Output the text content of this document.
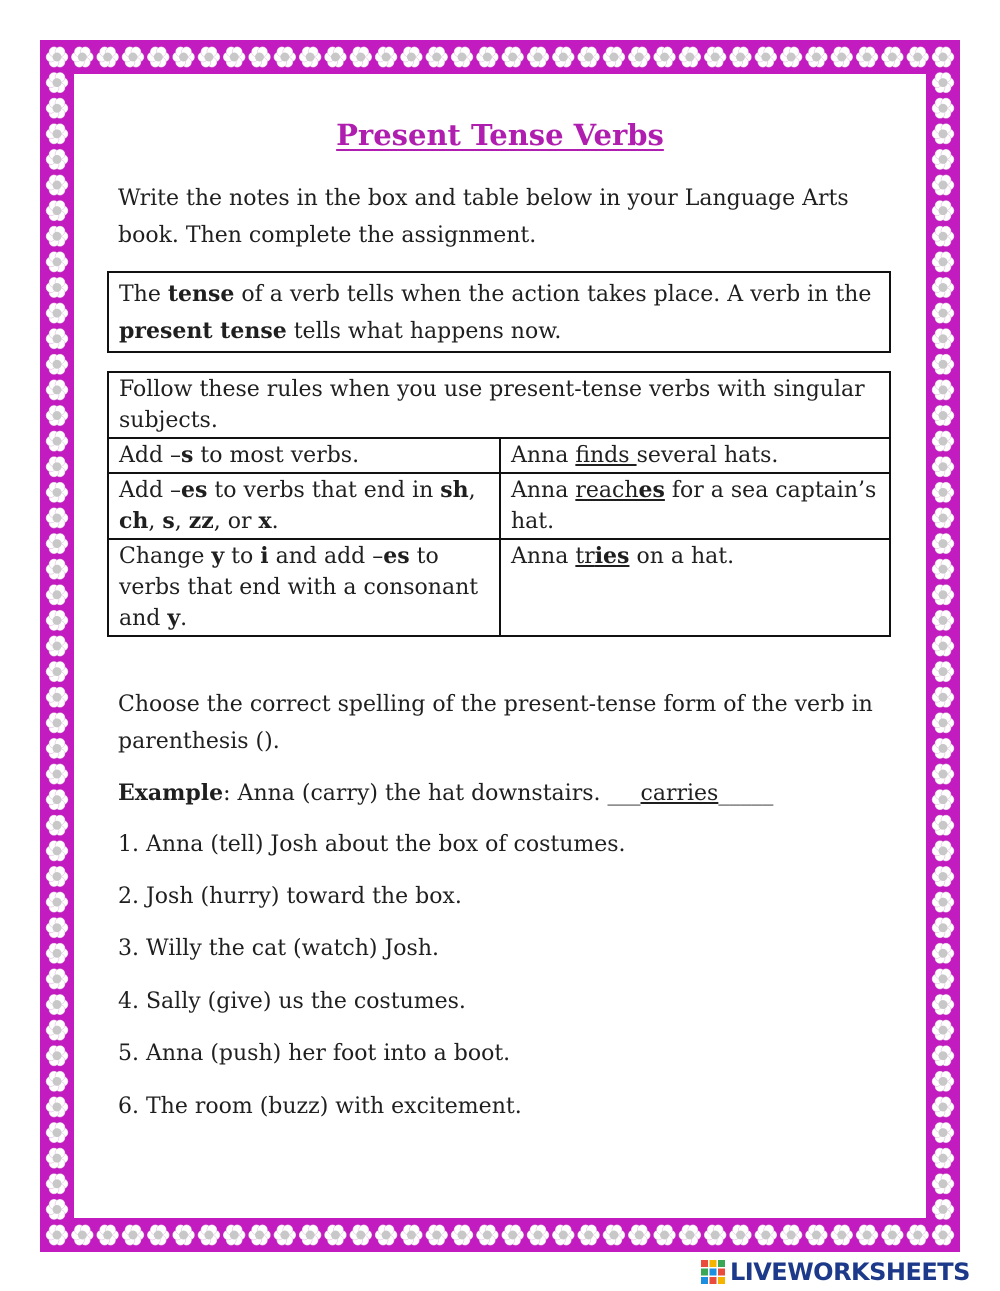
Present Tense Verbs
Write the notes in the box and table below in your Language Arts book. Then complete the assignment.
The tense of a verb tells when the action takes place. A verb in the present tense tells what happens now.
Follow these rules when you use present-tense verbs with singular subjects.	
Add –s to most verbs.	Anna finds several hats.
Add –es to verbs that end in sh, ch, s, zz, or x.	Anna reaches for a sea captain’s hat.
Change y to i and add –es to verbs that end with a consonant and y.	Anna tries on a hat.
Choose the correct spelling of the present-tense form of the verb in parenthesis ().
Example: Anna (carry) the hat downstairs. ___carries_____
1. Anna (tell) Josh about the box of costumes.
2. Josh (hurry) toward the box.
3. Willy the cat (watch) Josh.
4. Sally (give) us the costumes.
5. Anna (push) her foot into a boot.
6. The room (buzz) with excitement.
LIVEWORKSHEETS
